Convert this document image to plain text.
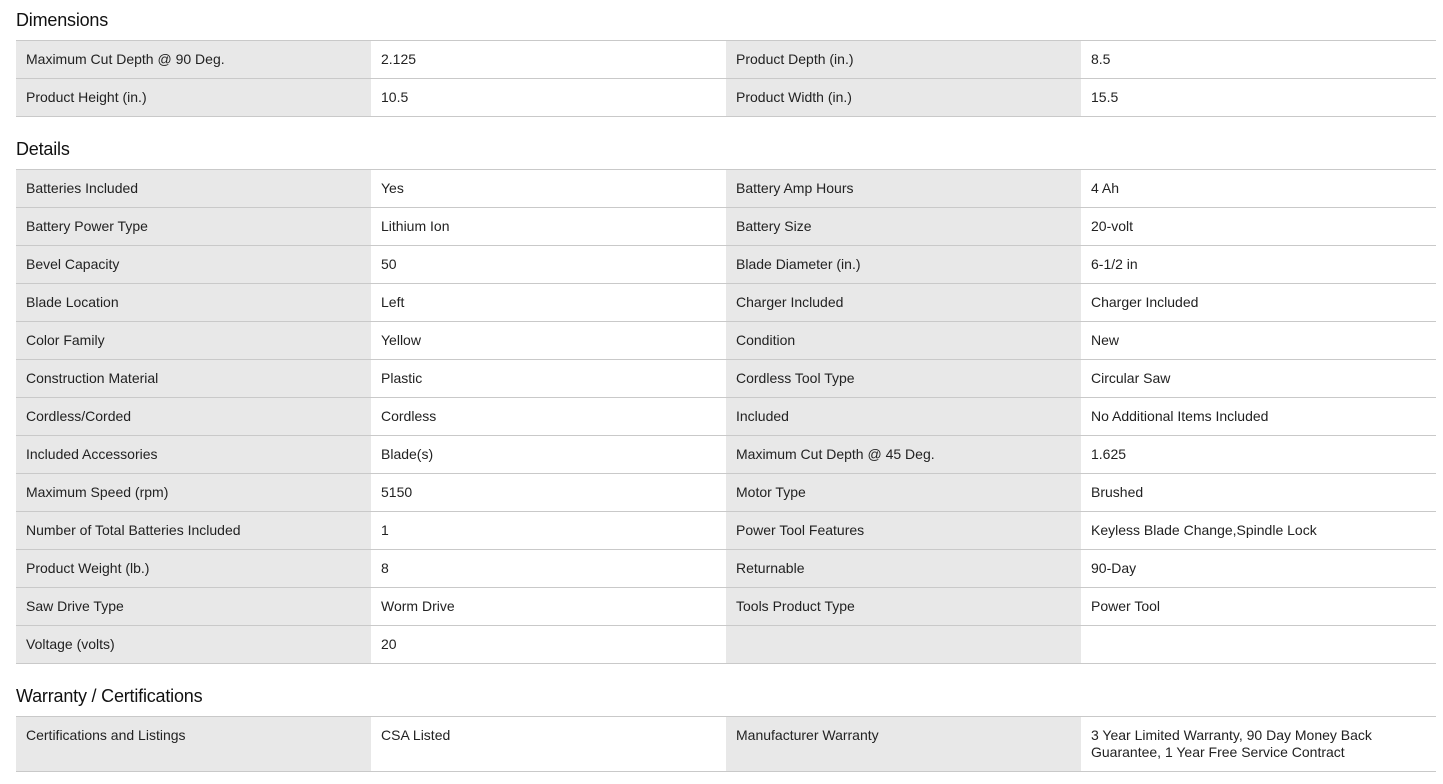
Dimensions
Maximum Cut Depth @ 90 Deg.	2.125	Product Depth (in.)	8.5
Product Height (in.)	10.5	Product Width (in.)	15.5
Details
Batteries Included	Yes	Battery Amp Hours	4 Ah
Battery Power Type	Lithium Ion	Battery Size	20-volt
Bevel Capacity	50	Blade Diameter (in.)	6-1/2 in
Blade Location	Left	Charger Included	Charger Included
Color Family	Yellow	Condition	New
Construction Material	Plastic	Cordless Tool Type	Circular Saw
Cordless/Corded	Cordless	Included	No Additional Items Included
Included Accessories	Blade(s)	Maximum Cut Depth @ 45 Deg.	1.625
Maximum Speed (rpm)	5150	Motor Type	Brushed
Number of Total Batteries Included	1	Power Tool Features	Keyless Blade Change,Spindle Lock
Product Weight (lb.)	8	Returnable	90-Day
Saw Drive Type	Worm Drive	Tools Product Type	Power Tool
Voltage (volts)	20
Warranty / Certifications
Certifications and Listings	CSA Listed	Manufacturer Warranty	3 Year Limited Warranty, 90 Day Money Back Guarantee, 1 Year Free Service Contract
